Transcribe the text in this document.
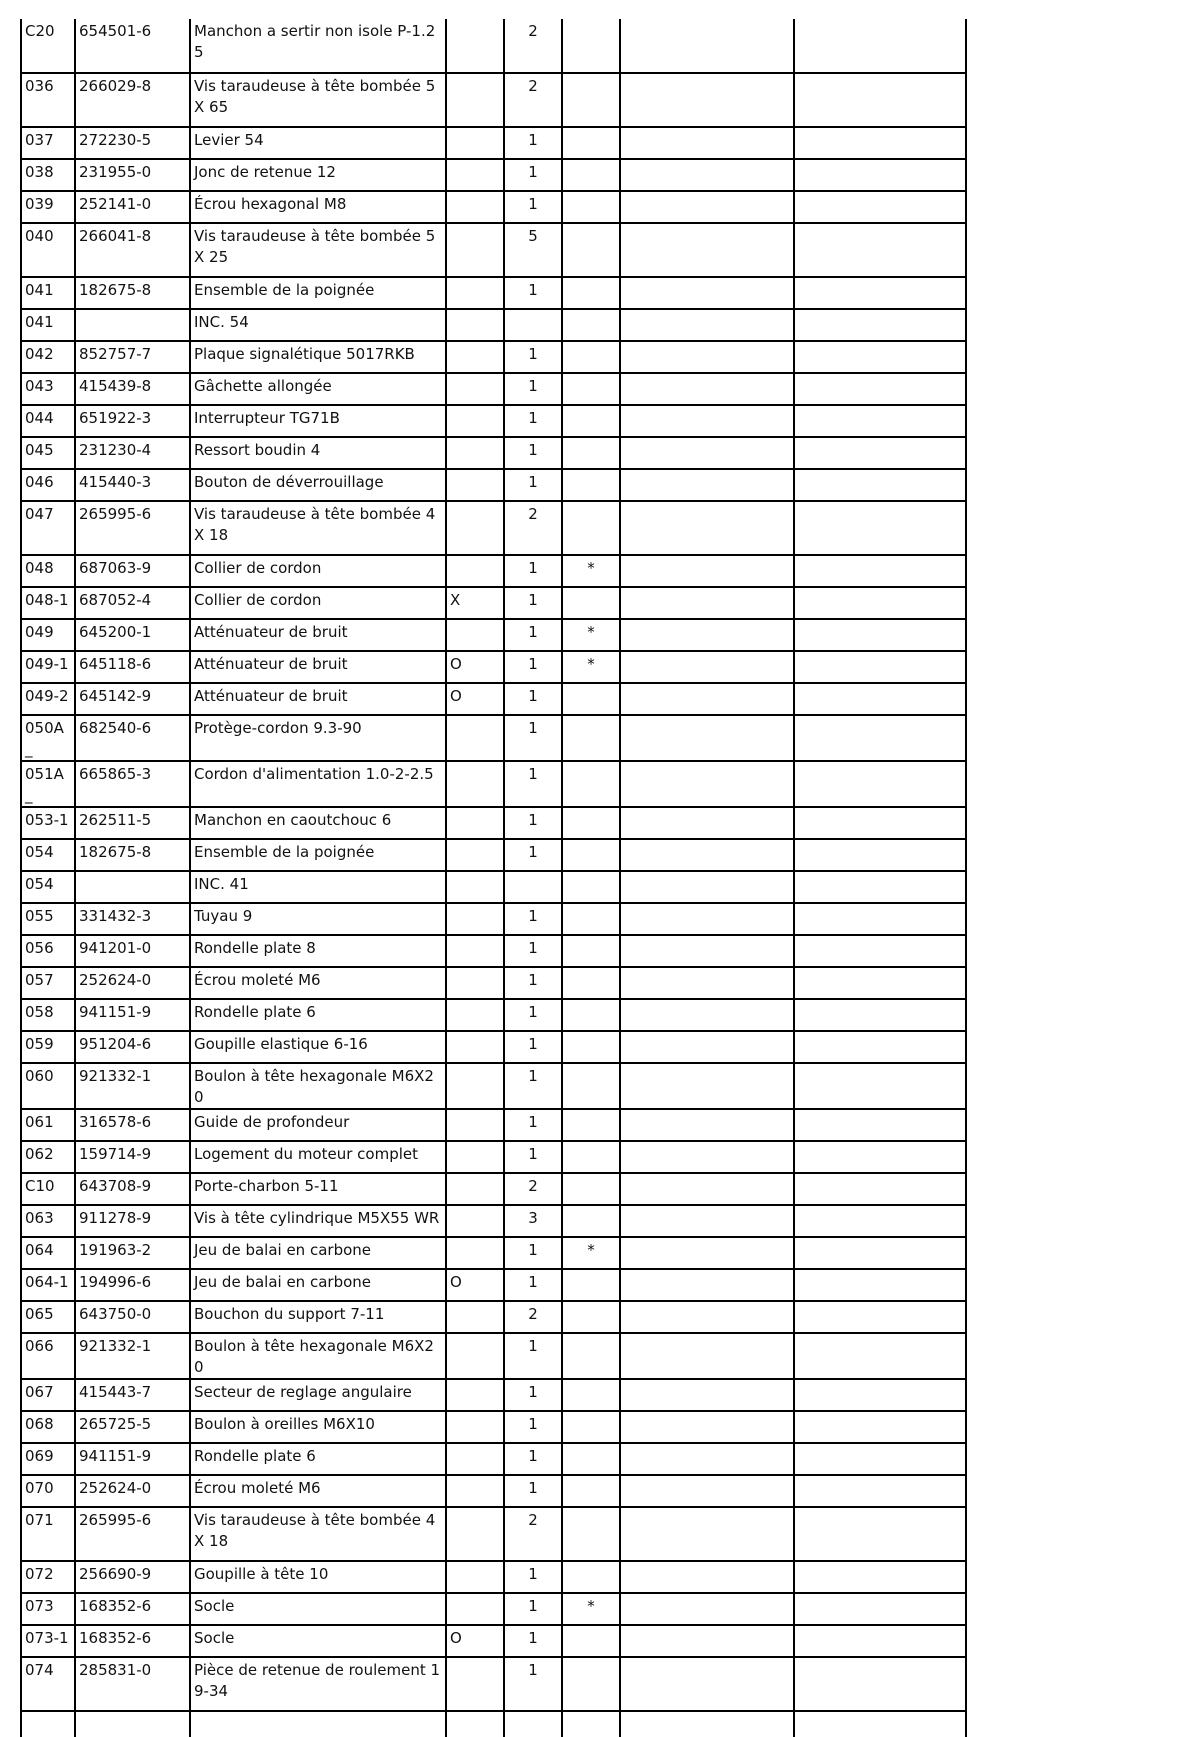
C20	654501-6	Manchon a sertir non isole P-1.2 5		2			
036	266029-8	Vis taraudeuse à tête bombée 5X 65		2			
037	272230-5	Levier 54		1			
038	231955-0	Jonc de retenue 12		1			
039	252141-0	Écrou hexagonal M8		1			
040	266041-8	Vis taraudeuse à tête bombée 5X 25		5			
041	182675-8	Ensemble de la poignée		1			
041		INC. 54					
042	852757-7	Plaque signalétique 5017RKB		1			
043	415439-8	Gâchette allongée		1			
044	651922-3	Interrupteur TG71B		1			
045	231230-4	Ressort boudin 4		1			
046	415440-3	Bouton de déverrouillage		1			
047	265995-6	Vis taraudeuse à tête bombée 4X 18		2			
048	687063-9	Collier de cordon		1	*		
048-1	687052-4	Collier de cordon	X	1			
049	645200-1	Atténuateur de bruit		1	*		
049-1	645118-6	Atténuateur de bruit	O	1	*		
049-2	645142-9	Atténuateur de bruit	O	1			
050A_	682540-6	Protège-cordon 9.3-90		1			
051A_	665865-3	Cordon d'alimentation 1.0-2-2.5		1			
053-1	262511-5	Manchon en caoutchouc 6		1			
054	182675-8	Ensemble de la poignée		1			
054		INC. 41					
055	331432-3	Tuyau 9		1			
056	941201-0	Rondelle plate 8		1			
057	252624-0	Écrou moleté M6		1			
058	941151-9	Rondelle plate 6		1			
059	951204-6	Goupille elastique 6-16		1			
060	921332-1	Boulon à tête hexagonale M6X20		1			
061	316578-6	Guide de profondeur		1			
062	159714-9	Logement du moteur complet		1			
C10	643708-9	Porte-charbon 5-11		2			
063	911278-9	Vis à tête cylindrique M5X55 WR		3			
064	191963-2	Jeu de balai en carbone		1	*		
064-1	194996-6	Jeu de balai en carbone	O	1			
065	643750-0	Bouchon du support 7-11		2			
066	921332-1	Boulon à tête hexagonale M6X20		1			
067	415443-7	Secteur de reglage angulaire		1			
068	265725-5	Boulon à oreilles M6X10		1			
069	941151-9	Rondelle plate 6		1			
070	252624-0	Écrou moleté M6		1			
071	265995-6	Vis taraudeuse à tête bombée 4X 18		2			
072	256690-9	Goupille à tête 10		1			
073	168352-6	Socle		1	*		
073-1	168352-6	Socle	O	1			
074	285831-0	Pièce de retenue de roulement 1 9-34		1			
